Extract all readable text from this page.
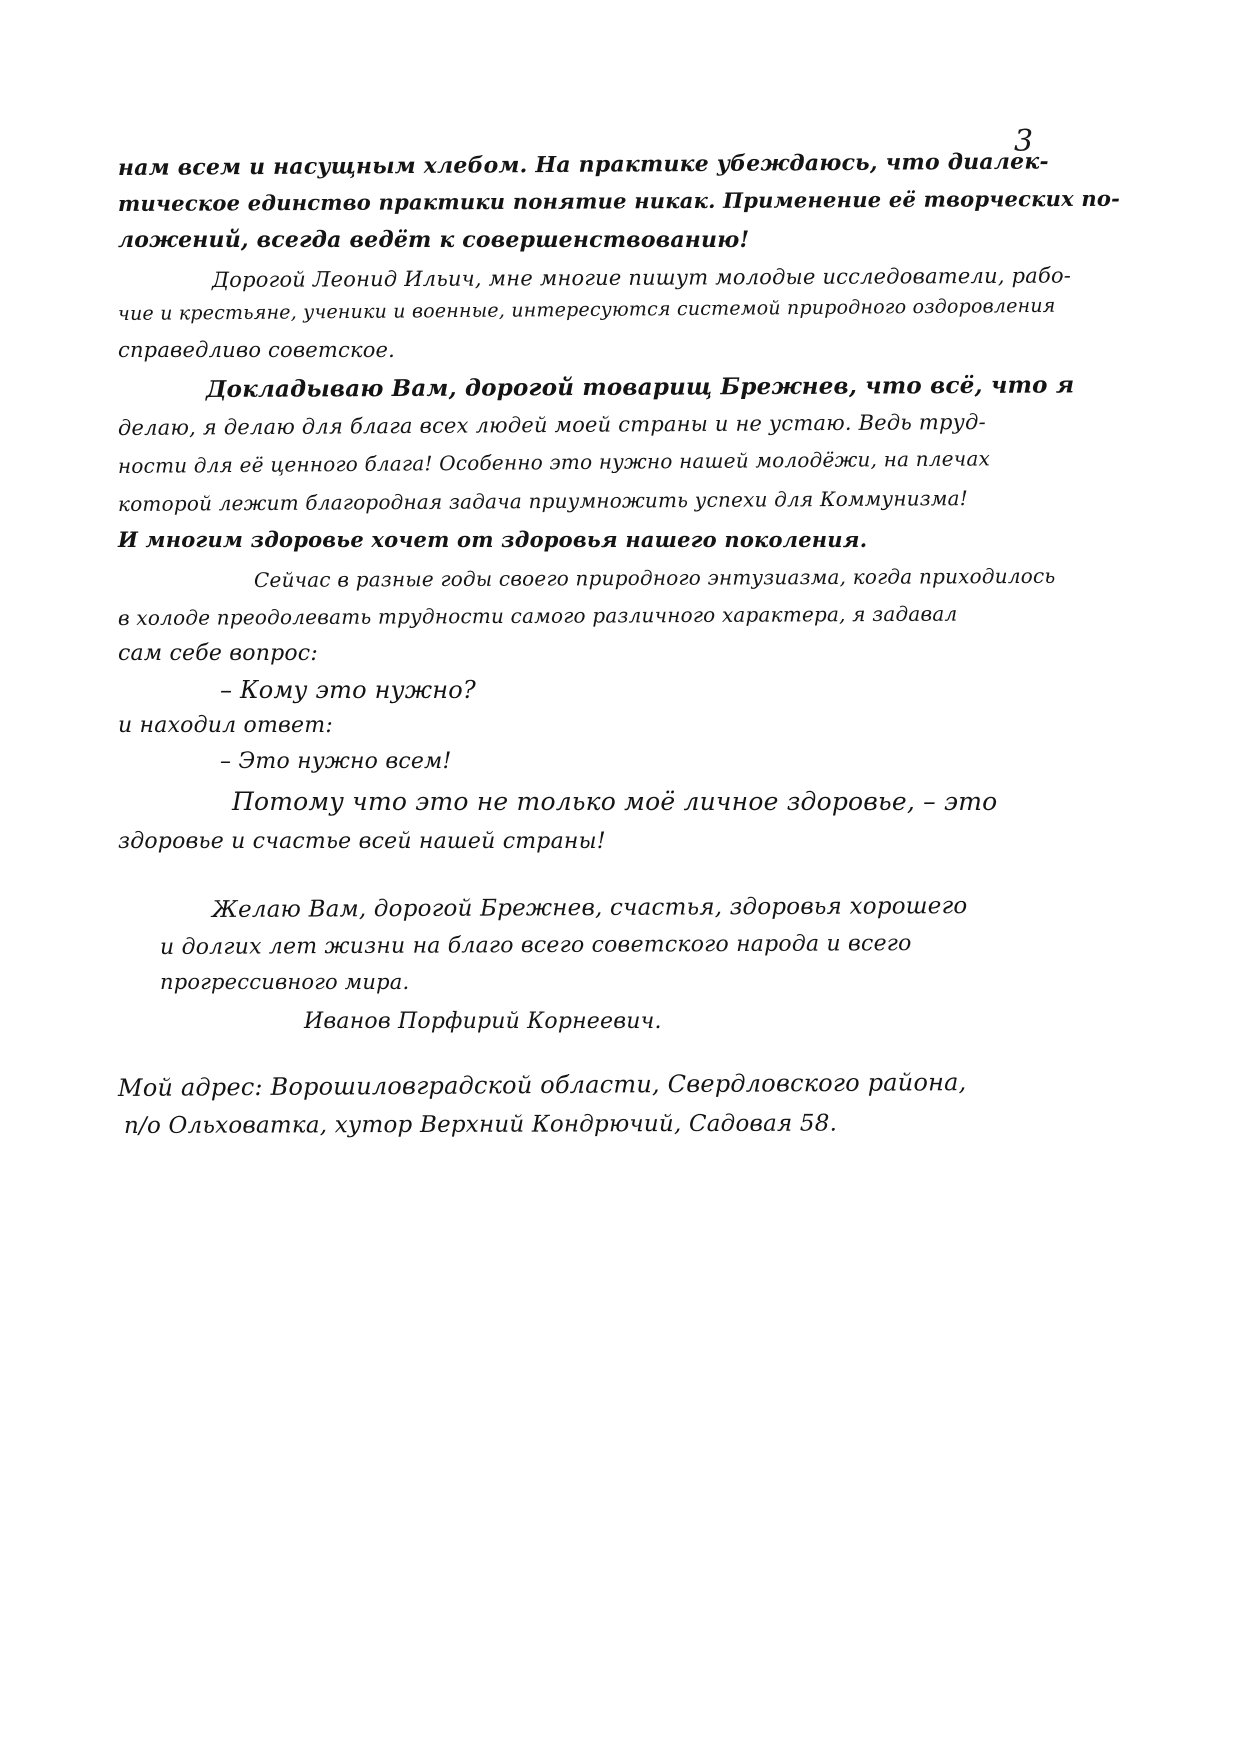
3
нам всем и насущным хлебом. На практике убеждаюсь, что диалек-
тическое единство практики понятие никак. Применение её творческих по-
ложений, всегда ведёт к совершенствованию!
Дорогой Леонид Ильич, мне многие пишут молодые исследователи, рабо-
чие и крестьяне, ученики и военные, интересуются системой природного оздоровления
справедливо советское.
Докладываю Вам, дорогой товарищ Брежнев, что всё, что я
делаю, я делаю для блага всех людей моей страны и не устаю. Ведь труд-
ности для её ценного блага! Особенно это нужно нашей молодёжи, на плечах
которой лежит благородная задача приумножить успехи для Коммунизма!
И многим здоровье хочет от здоровья нашего поколения.
Сейчас в разные годы своего природного энтузиазма, когда приходилось
в холоде преодолевать трудности самого различного характера, я задавал
сам себе вопрос:
– Кому это нужно?
и находил ответ:
– Это нужно всем!
Потому что это не только моё личное здоровье, – это
здоровье и счастье всей нашей страны!
Желаю Вам, дорогой Брежнев, счастья, здоровья хорошего
и долгих лет жизни на благо всего советского народа и всего
прогрессивного мира.
Иванов Порфирий Корнеевич.
Мой адрес: Ворошиловградской области, Свердловского района,
п/о Ольховатка, хутор Верхний Кондрючий, Садовая 58.
